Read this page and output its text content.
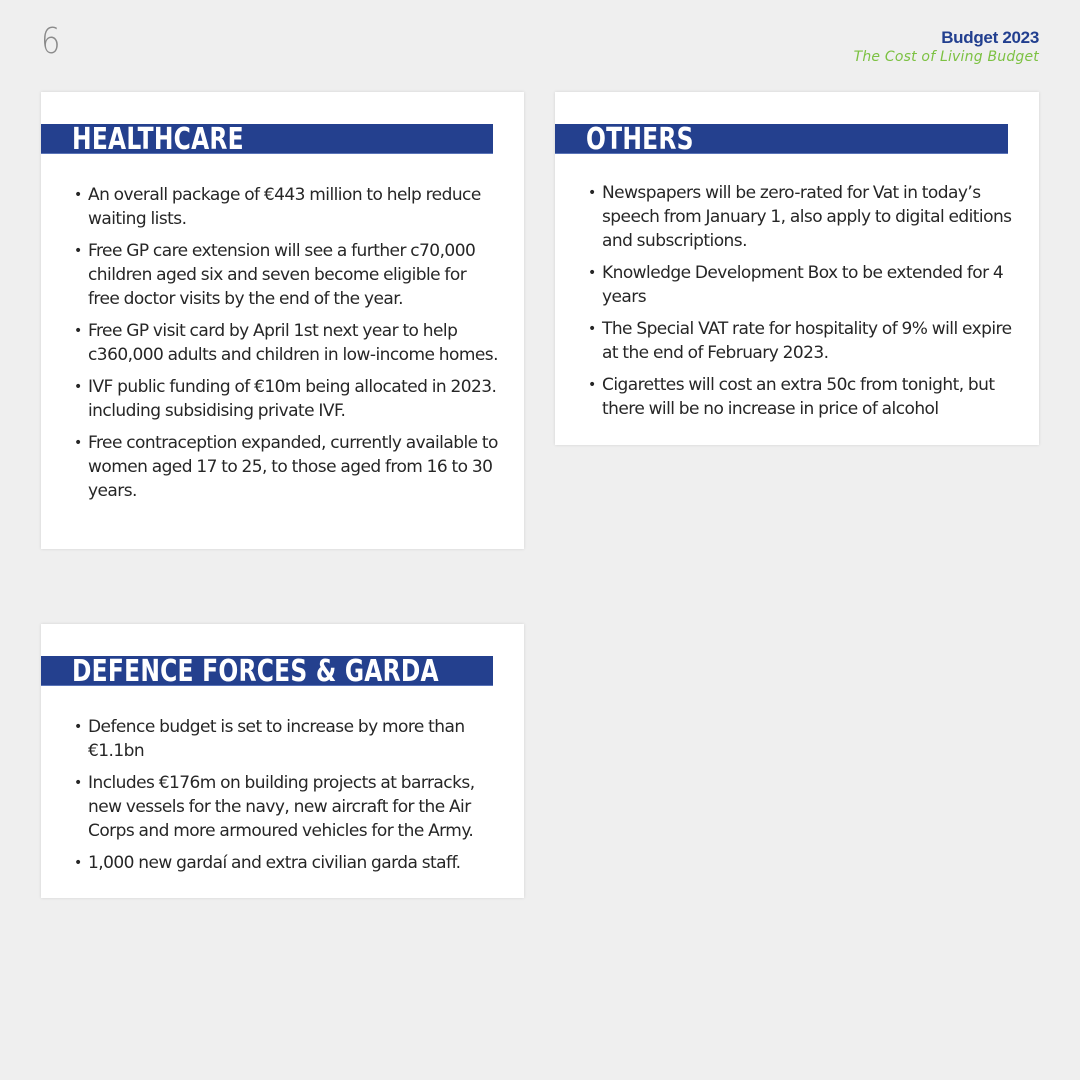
6	Budget 2023
The Cost of Living Budget
HEALTHCARE
• An overall package of €443 million to help reduce waiting lists.
• Free GP care extension will see a further c70,000 children aged six and seven become eligible for free doctor visits by the end of the year.
• Free GP visit card by April 1st next year to help c360,000 adults and children in low-income homes.
• IVF public funding of €10m being allocated in 2023. including subsidising private IVF.
• Free contraception expanded, currently available to women aged 17 to 25, to those aged from 16 to 30 years.
OTHERS
• Newspapers will be zero-rated for Vat in today’s speech from January 1, also apply to digital editions and subscriptions.
• Knowledge Development Box to be extended for 4 years
• The Special VAT rate for hospitality of 9% will expire at the end of February 2023.
• Cigarettes will cost an extra 50c from tonight, but there will be no increase in price of alcohol
DEFENCE FORCES & GARDA
• Defence budget is set to increase by more than €1.1bn
• Includes €176m on building projects at barracks, new vessels for the navy, new aircraft for the Air Corps and more armoured vehicles for the Army.
• 1,000 new gardaí and extra civilian garda staff.
